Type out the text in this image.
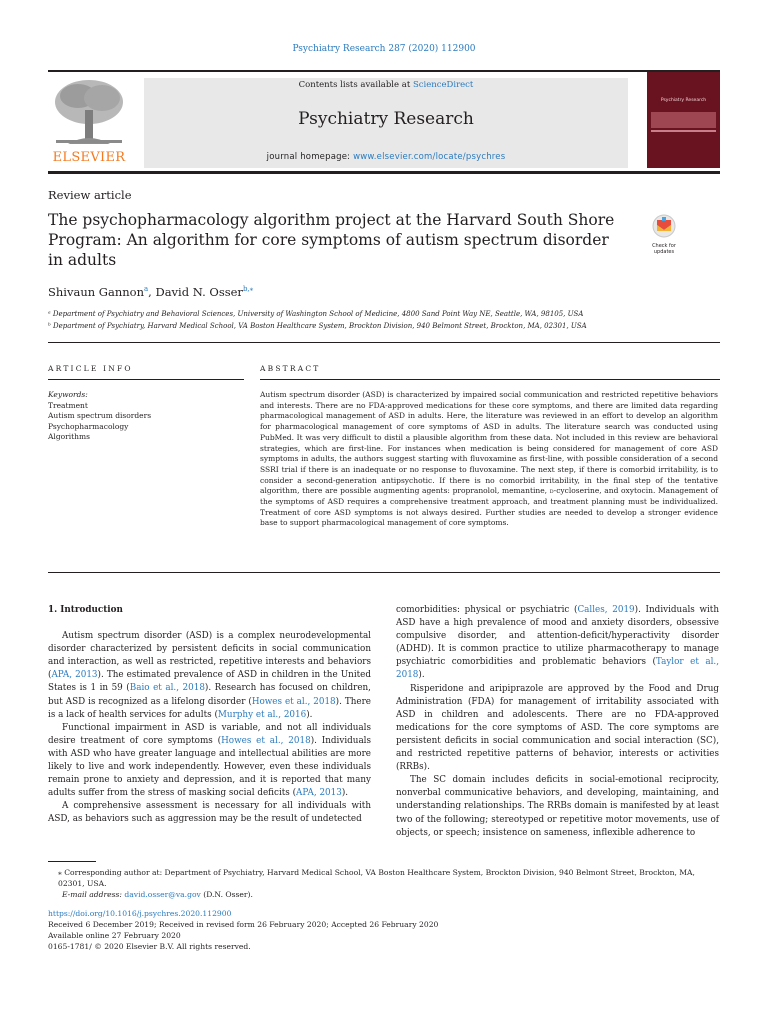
Psychiatry Research 287 (2020) 112900
ELSEVIER
Contents lists available at ScienceDirect
Psychiatry Research
journal homepage: www.elsevier.com/locate/psychres
Psychiatry Research
Review article
The psychopharmacology algorithm project at the Harvard South Shore Program: An algorithm for core symptoms of autism spectrum disorder in adults
Check for updates
Shivaun Gannon$^a$, David N. Osser$^{b,⁎}$
ᵃ Department of Psychiatry and Behavioral Sciences, University of Washington School of Medicine, 4800 Sand Point Way NE, Seattle, WA, 98105, USA
ᵇ Department of Psychiatry, Harvard Medical School, VA Boston Healthcare System, Brockton Division, 940 Belmont Street, Brockton, MA, 02301, USA
ARTICLE INFO	ABSTRACT
Keywords:
Treatment
Autism spectrum disorders
Psychopharmacology
Algorithms
Autism spectrum disorder (ASD) is characterized by impaired social communication and restricted repetitive behaviors and interests. There are no FDA-approved medications for these core symptoms, and there are limited data regarding pharmacological management of ASD in adults. Here, the literature was reviewed in an effort to develop an algorithm for pharmacological management of core symptoms of ASD in adults. The literature search was conducted using PubMed. It was very difficult to distil a plausible algorithm from these data. Not included in this review are behavioral strategies, which are first-line. For instances when medication is being considered for management of core ASD symptoms in adults, the authors suggest starting with fluvoxamine as first-line, with possible consideration of a second SSRI trial if there is an inadequate or no response to fluvoxamine. The next step, if there is comorbid irritability, is to consider a second-generation antipsychotic. If there is no comorbid irritability, in the final step of the tentative algorithm, there are possible augmenting agents: propranolol, memantine, d-cycloserine, and oxytocin. Management of the symptoms of ASD requires a comprehensive treatment approach, and treatment planning must be individualized. Treatment of core ASD symptoms is not always desired. Further studies are needed to develop a stronger evidence base to support pharmacological management of core symptoms.

1. Introduction

Autism spectrum disorder (ASD) is a complex neurodevelopmental disorder characterized by persistent deficits in social communication and interaction, as well as restricted, repetitive interests and behaviors (APA, 2013). The estimated prevalence of ASD in children in the United States is 1 in 59 (Baio et al., 2018). Research has focused on children, but ASD is recognized as a lifelong disorder (Howes et al., 2018). There is a lack of health services for adults (Murphy et al., 2016).

Functional impairment in ASD is variable, and not all individuals desire treatment of core symptoms (Howes et al., 2018). Individuals with ASD who have greater language and intellectual abilities are more likely to live and work independently. However, even these individuals remain prone to anxiety and depression, and it is reported that many adults suffer from the stress of masking social deficits (APA, 2013).

A comprehensive assessment is necessary for all individuals with ASD, as behaviors such as aggression may be the result of undetected

comorbidities: physical or psychiatric (Calles, 2019). Individuals with ASD have a high prevalence of mood and anxiety disorders, obsessive compulsive disorder, and attention-deficit/hyperactivity disorder (ADHD). It is common practice to utilize pharmacotherapy to manage psychiatric comorbidities and problematic behaviors (Taylor et al., 2018).

Risperidone and aripiprazole are approved by the Food and Drug Administration (FDA) for management of irritability associated with ASD in children and adolescents. There are no FDA-approved medications for the core symptoms of ASD. The core symptoms are persistent deficits in social communication and social interaction (SC), and restricted repetitive patterns of behavior, interests or activities (RRBs).

The SC domain includes deficits in social-emotional reciprocity, nonverbal communicative behaviors, and developing, maintaining, and understanding relationships. The RRBs domain is manifested by at least two of the following; stereotyped or repetitive motor movements, use of objects, or speech; insistence on sameness, inflexible adherence to

⁎ Corresponding author at: Department of Psychiatry, Harvard Medical School, VA Boston Healthcare System, Brockton Division, 940 Belmont Street, Brockton, MA, 02301, USA.
E-mail address: david.osser@va.gov (D.N. Osser).
https://doi.org/10.1016/j.psychres.2020.112900
Received 6 December 2019; Received in revised form 26 February 2020; Accepted 26 February 2020
Available online 27 February 2020
0165-1781/ © 2020 Elsevier B.V. All rights reserved.
